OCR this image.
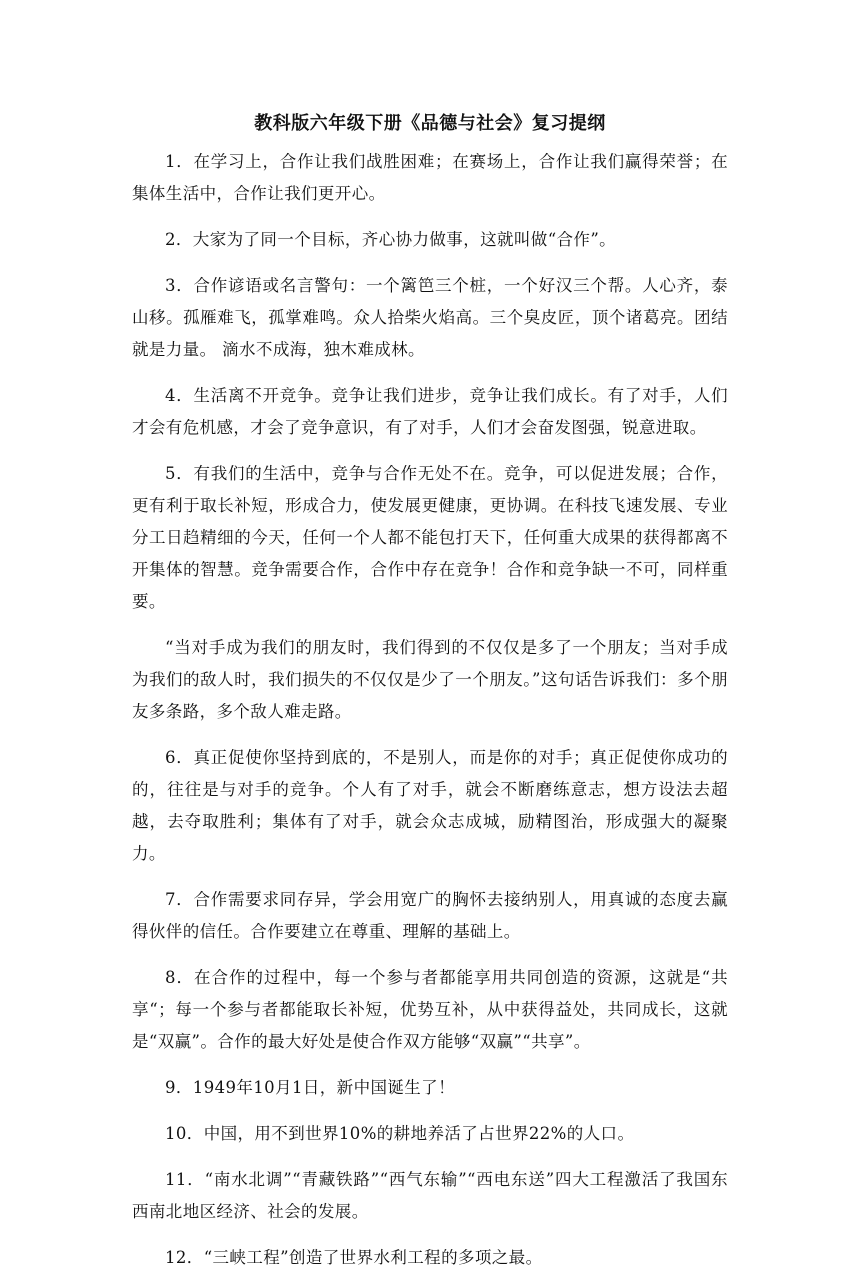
教科版六年级下册《品德与社会》复习提纲

1．在学习上，合作让我们战胜困难；在赛场上，合作让我们赢得荣誉；在集体生活中，合作让我们更开心。

2．大家为了同一个目标，齐心协力做事，这就叫做“合作”。

3．合作谚语或名言警句：一个篱笆三个桩，一个好汉三个帮。人心齐，泰山移。孤雁难飞，孤掌难鸣。众人拾柴火焰高。三个臭皮匠，顶个诸葛亮。团结就是力量。 滴水不成海，独木难成林。

4．生活离不开竞争。竞争让我们进步，竞争让我们成长。有了对手，人们才会有危机感，才会了竞争意识，有了对手，人们才会奋发图强，锐意进取。

5．有我们的生活中，竞争与合作无处不在。竞争，可以促进发展；合作，更有利于取长补短，形成合力，使发展更健康，更协调。在科技飞速发展、专业分工日趋精细的今天，任何一个人都不能包打天下，任何重大成果的获得都离不开集体的智慧。竞争需要合作，合作中存在竞争！合作和竞争缺一不可，同样重要。

“当对手成为我们的朋友时，我们得到的不仅仅是多了一个朋友；当对手成为我们的敌人时，我们损失的不仅仅是少了一个朋友。”这句话告诉我们：多个朋友多条路，多个敌人难走路。

6．真正促使你坚持到底的，不是别人，而是你的对手；真正促使你成功的的，往往是与对手的竞争。个人有了对手，就会不断磨练意志，想方设法去超越，去夺取胜利；集体有了对手，就会众志成城，励精图治，形成强大的凝聚力。

7．合作需要求同存异，学会用宽广的胸怀去接纳别人，用真诚的态度去赢得伙伴的信任。合作要建立在尊重、理解的基础上。

8．在合作的过程中，每一个参与者都能享用共同创造的资源，这就是“共享“；每一个参与者都能取长补短，优势互补，从中获得益处，共同成长，这就是“双赢”。合作的最大好处是使合作双方能够“双赢”“共享”。

9．1949年10月1日，新中国诞生了！

10．中国，用不到世界10%的耕地养活了占世界22%的人口。

11．“南水北调”“青藏铁路”“西气东输”“西电东送”四大工程激活了我国东西南北地区经济、社会的发展。

12．“三峡工程”创造了世界水利工程的多项之最。
